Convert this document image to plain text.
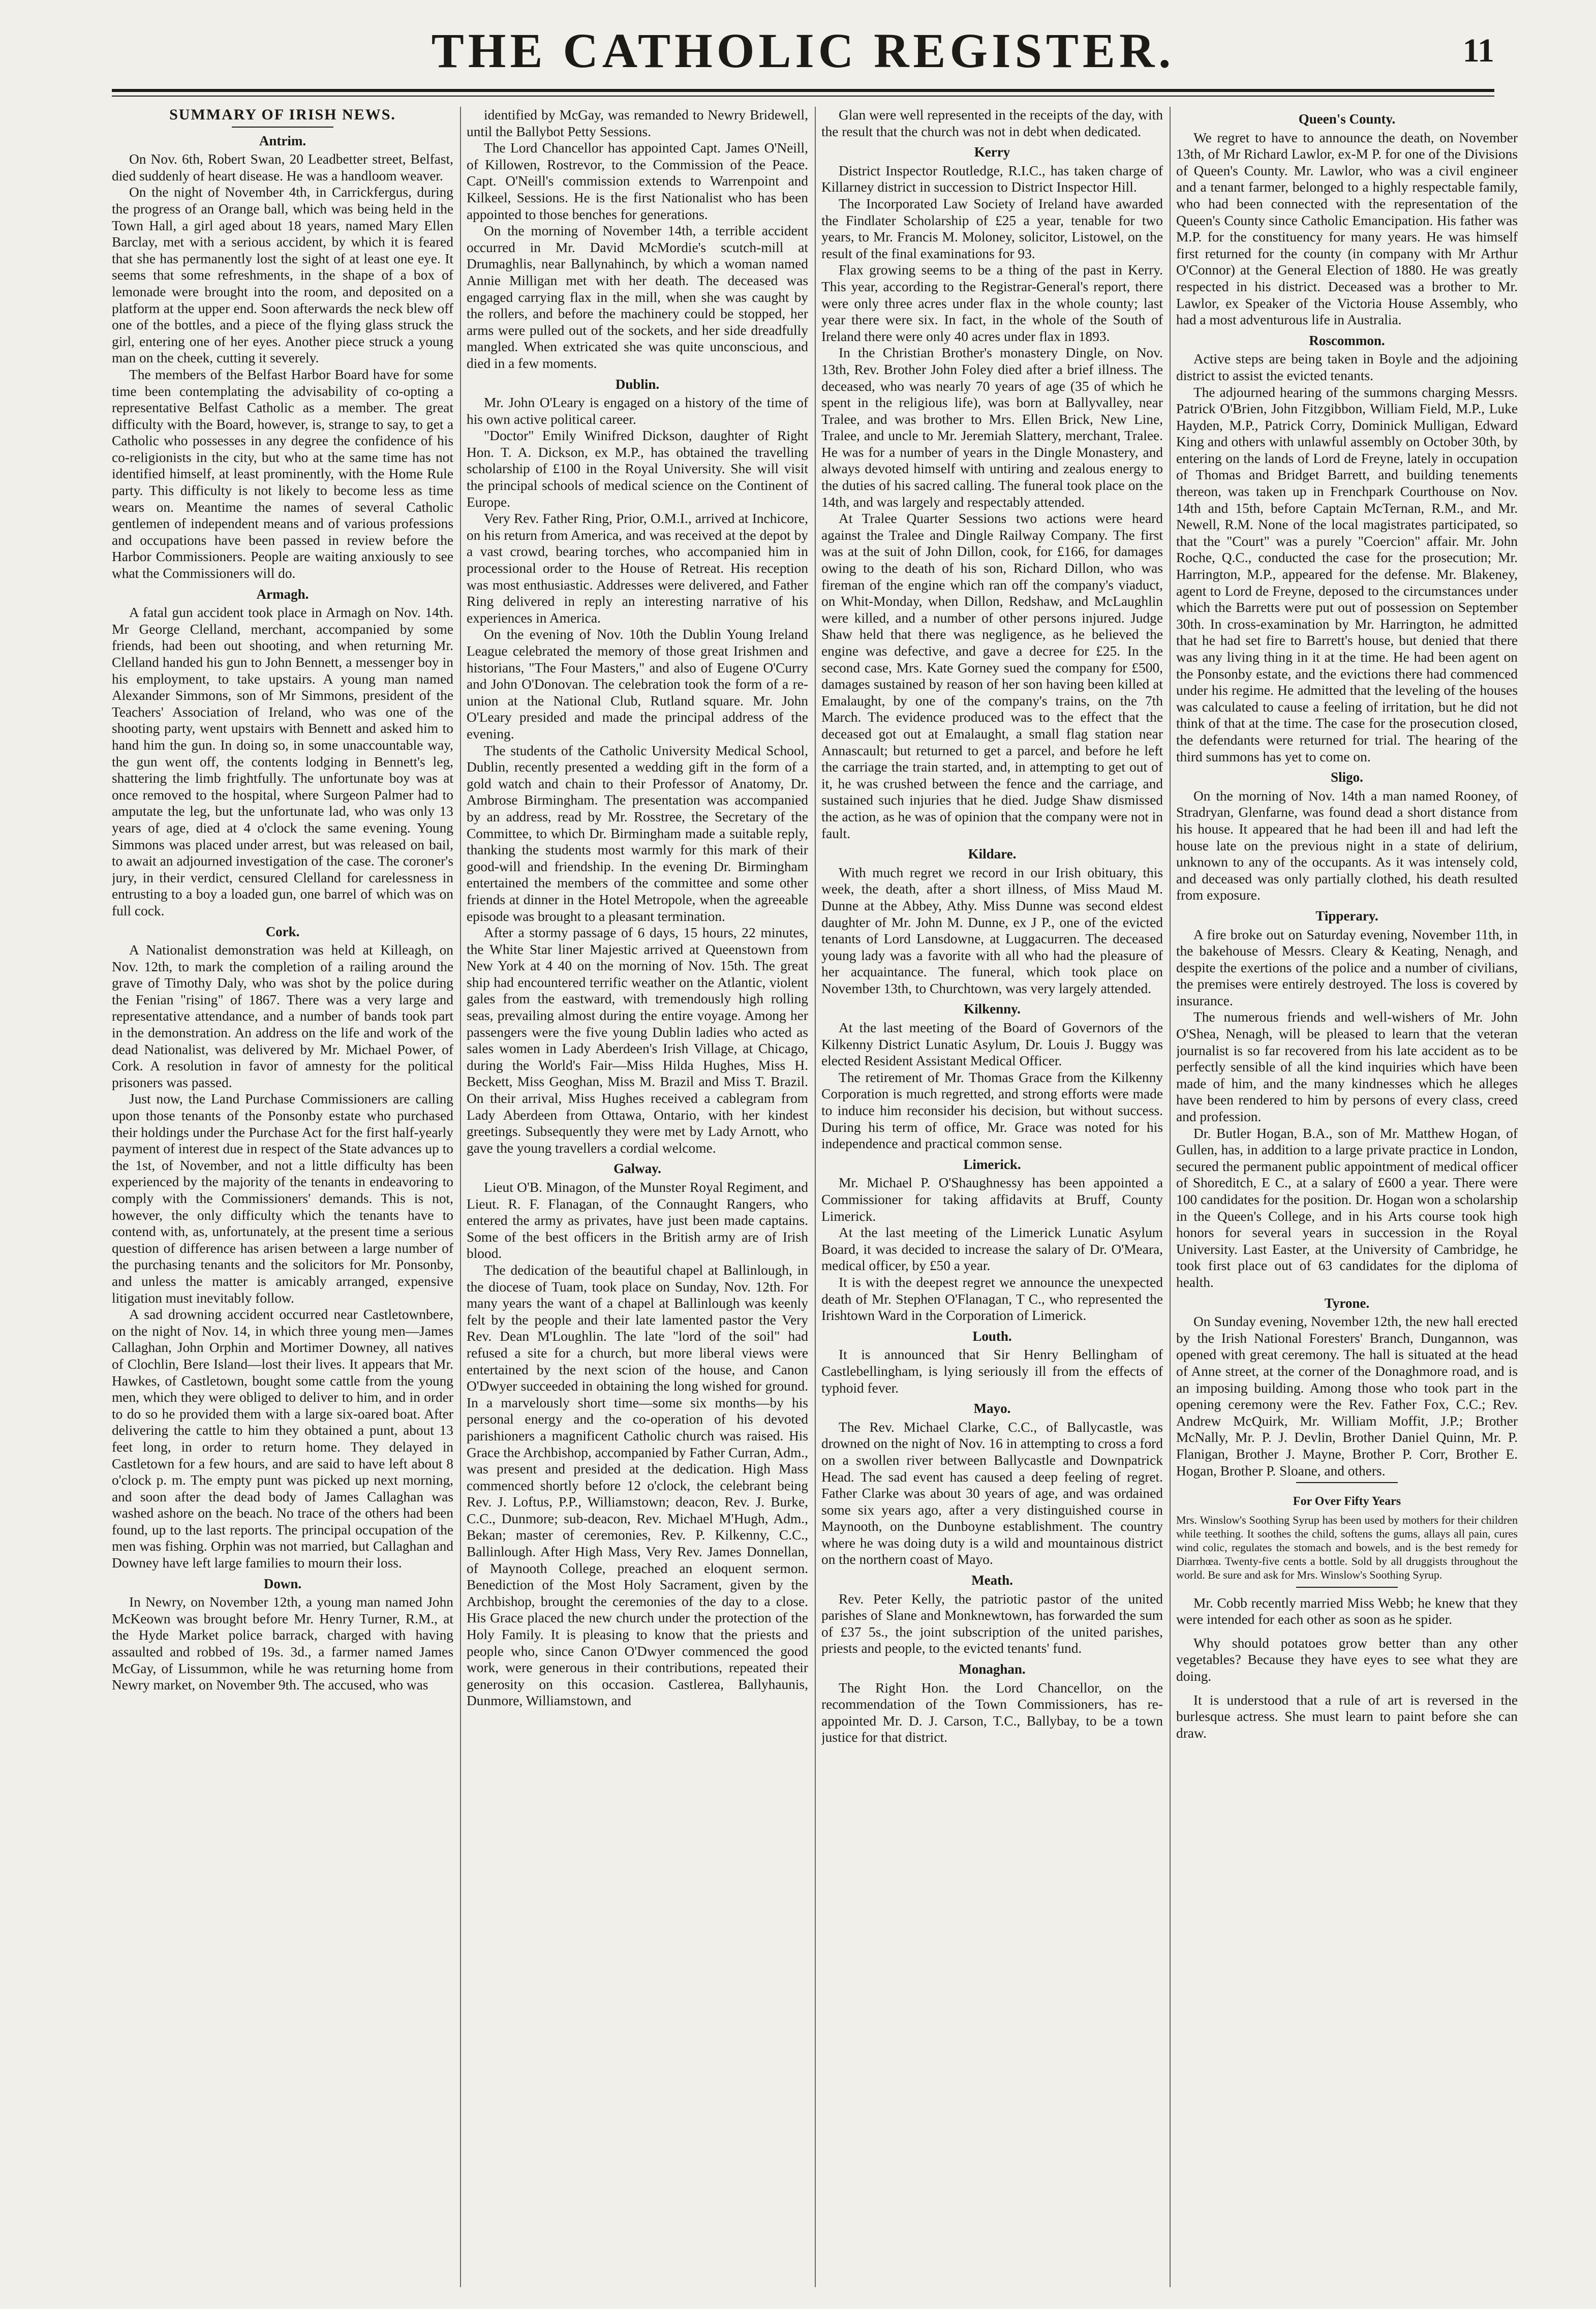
THE CATHOLIC REGISTER.	11
SUMMARY OF IRISH NEWS.
Antrim.

On Nov. 6th, Robert Swan, 20 Leadbetter street, Belfast, died suddenly of heart disease. He was a handloom weaver.

On the night of November 4th, in Carrickfergus, during the progress of an Orange ball, which was being held in the Town Hall, a girl aged about 18 years, named Mary Ellen Barclay, met with a serious accident, by which it is feared that she has permanently lost the sight of at least one eye. It seems that some refreshments, in the shape of a box of lemonade were brought into the room, and deposited on a platform at the upper end. Soon afterwards the neck blew off one of the bottles, and a piece of the flying glass struck the girl, entering one of her eyes. Another piece struck a young man on the cheek, cutting it severely.

The members of the Belfast Harbor Board have for some time been contemplating the advisability of co-opting a representative Belfast Catholic as a member. The great difficulty with the Board, however, is, strange to say, to get a Catholic who possesses in any degree the confidence of his co-religionists in the city, but who at the same time has not identified himself, at least prominently, with the Home Rule party. This difficulty is not likely to become less as time wears on. Meantime the names of several Catholic gentlemen of independent means and of various professions and occupations have been passed in review before the Harbor Commissioners. People are waiting anxiously to see what the Commissioners will do.

Armagh.

A fatal gun accident took place in Armagh on Nov. 14th. Mr George Clelland, merchant, accompanied by some friends, had been out shooting, and when returning Mr. Clelland handed his gun to John Bennett, a messenger boy in his employment, to take upstairs. A young man named Alexander Simmons, son of Mr Simmons, president of the Teachers' Association of Ireland, who was one of the shooting party, went upstairs with Bennett and asked him to hand him the gun. In doing so, in some unaccountable way, the gun went off, the contents lodging in Bennett's leg, shattering the limb frightfully. The unfortunate boy was at once removed to the hospital, where Surgeon Palmer had to amputate the leg, but the unfortunate lad, who was only 13 years of age, died at 4 o'clock the same evening. Young Simmons was placed under arrest, but was released on bail, to await an adjourned investigation of the case. The coroner's jury, in their verdict, censured Clelland for carelessness in entrusting to a boy a loaded gun, one barrel of which was on full cock.

Cork.

A Nationalist demonstration was held at Killeagh, on Nov. 12th, to mark the completion of a railing around the grave of Timothy Daly, who was shot by the police during the Fenian "rising" of 1867. There was a very large and representative attendance, and a number of bands took part in the demonstration. An address on the life and work of the dead Nationalist, was delivered by Mr. Michael Power, of Cork. A resolution in favor of amnesty for the political prisoners was passed.

Just now, the Land Purchase Commissioners are calling upon those tenants of the Ponsonby estate who purchased their holdings under the Purchase Act for the first half-yearly payment of interest due in respect of the State advances up to the 1st, of November, and not a little difficulty has been experienced by the majority of the tenants in endeavoring to comply with the Commissioners' demands. This is not, however, the only difficulty which the tenants have to contend with, as, unfortunately, at the present time a serious question of difference has arisen between a large number of the purchasing tenants and the solicitors for Mr. Ponsonby, and unless the matter is amicably arranged, expensive litigation must inevitably follow.

A sad drowning accident occurred near Castletownbere, on the night of Nov. 14, in which three young men—James Callaghan, John Orphin and Mortimer Downey, all natives of Clochlin, Bere Island—lost their lives. It appears that Mr. Hawkes, of Castletown, bought some cattle from the young men, which they were obliged to deliver to him, and in order to do so he provided them with a large six-oared boat. After delivering the cattle to him they obtained a punt, about 13 feet long, in order to return home. They delayed in Castletown for a few hours, and are said to have left about 8 o'clock p. m. The empty punt was picked up next morning, and soon after the dead body of James Callaghan was washed ashore on the beach. No trace of the others had been found, up to the last reports. The principal occupation of the men was fishing. Orphin was not married, but Callaghan and Downey have left large families to mourn their loss.

Down.

In Newry, on November 12th, a young man named John McKeown was brought before Mr. Henry Turner, R.M., at the Hyde Market police barrack, charged with having assaulted and robbed of 19s. 3d., a farmer named James McGay, of Lissummon, while he was returning home from Newry market, on November 9th. The accused, who was

identified by McGay, was remanded to Newry Bridewell, until the Ballybot Petty Sessions.

The Lord Chancellor has appointed Capt. James O'Neill, of Killowen, Rostrevor, to the Commission of the Peace. Capt. O'Neill's commission extends to Warrenpoint and Kilkeel, Sessions. He is the first Nationalist who has been appointed to those benches for generations.

On the morning of November 14th, a terrible accident occurred in Mr. David McMordie's scutch-mill at Drumaghlis, near Ballynahinch, by which a woman named Annie Milligan met with her death. The deceased was engaged carrying flax in the mill, when she was caught by the rollers, and before the machinery could be stopped, her arms were pulled out of the sockets, and her side dreadfully mangled. When extricated she was quite unconscious, and died in a few moments.

Dublin.

Mr. John O'Leary is engaged on a history of the time of his own active political career.

"Doctor" Emily Winifred Dickson, daughter of Right Hon. T. A. Dickson, ex M.P., has obtained the travelling scholarship of £100 in the Royal University. She will visit the principal schools of medical science on the Continent of Europe.

Very Rev. Father Ring, Prior, O.M.I., arrived at Inchicore, on his return from America, and was received at the depot by a vast crowd, bearing torches, who accompanied him in processional order to the House of Retreat. His reception was most enthusiastic. Addresses were delivered, and Father Ring delivered in reply an interesting narrative of his experiences in America.

On the evening of Nov. 10th the Dublin Young Ireland League celebrated the memory of those great Irishmen and historians, "The Four Masters," and also of Eugene O'Curry and John O'Donovan. The celebration took the form of a re-union at the National Club, Rutland square. Mr. John O'Leary presided and made the principal address of the evening.

The students of the Catholic University Medical School, Dublin, recently presented a wedding gift in the form of a gold watch and chain to their Professor of Anatomy, Dr. Ambrose Birmingham. The presentation was accompanied by an address, read by Mr. Rosstree, the Secretary of the Committee, to which Dr. Birmingham made a suitable reply, thanking the students most warmly for this mark of their good-will and friendship. In the evening Dr. Birmingham entertained the members of the committee and some other friends at dinner in the Hotel Metropole, when the agreeable episode was brought to a pleasant termination.

After a stormy passage of 6 days, 15 hours, 22 minutes, the White Star liner Majestic arrived at Queenstown from New York at 4 40 on the morning of Nov. 15th. The great ship had encountered terrific weather on the Atlantic, violent gales from the eastward, with tremendously high rolling seas, prevailing almost during the entire voyage. Among her passengers were the five young Dublin ladies who acted as sales women in Lady Aberdeen's Irish Village, at Chicago, during the World's Fair—Miss Hilda Hughes, Miss H. Beckett, Miss Geoghan, Miss M. Brazil and Miss T. Brazil. On their arrival, Miss Hughes received a cablegram from Lady Aberdeen from Ottawa, Ontario, with her kindest greetings. Subsequently they were met by Lady Arnott, who gave the young travellers a cordial welcome.

Galway.

Lieut O'B. Minagon, of the Munster Royal Regiment, and Lieut. R. F. Flanagan, of the Connaught Rangers, who entered the army as privates, have just been made captains. Some of the best officers in the British army are of Irish blood.

The dedication of the beautiful chapel at Ballinlough, in the diocese of Tuam, took place on Sunday, Nov. 12th. For many years the want of a chapel at Ballinlough was keenly felt by the people and their late lamented pastor the Very Rev. Dean M'Loughlin. The late "lord of the soil" had refused a site for a church, but more liberal views were entertained by the next scion of the house, and Canon O'Dwyer succeeded in obtaining the long wished for ground. In a marvelously short time—some six months—by his personal energy and the co-operation of his devoted parishioners a magnificent Catholic church was raised. His Grace the Archbishop, accompanied by Father Curran, Adm., was present and presided at the dedication. High Mass commenced shortly before 12 o'clock, the celebrant being Rev. J. Loftus, P.P., Williamstown; deacon, Rev. J. Burke, C.C., Dunmore; sub-deacon, Rev. Michael M'Hugh, Adm., Bekan; master of ceremonies, Rev. P. Kilkenny, C.C., Ballinlough. After High Mass, Very Rev. James Donnellan, of Maynooth College, preached an eloquent sermon. Benediction of the Most Holy Sacrament, given by the Archbishop, brought the ceremonies of the day to a close. His Grace placed the new church under the protection of the Holy Family. It is pleasing to know that the priests and people who, since Canon O'Dwyer commenced the good work, were generous in their contributions, repeated their generosity on this occasion. Castlerea, Ballyhaunis, Dunmore, Williamstown, and

Glan were well represented in the receipts of the day, with the result that the church was not in debt when dedicated.

Kerry

District Inspector Routledge, R.I.C., has taken charge of Killarney district in succession to District Inspector Hill.

The Incorporated Law Society of Ireland have awarded the Findlater Scholarship of £25 a year, tenable for two years, to Mr. Francis M. Moloney, solicitor, Listowel, on the result of the final examinations for 93.

Flax growing seems to be a thing of the past in Kerry. This year, according to the Registrar-General's report, there were only three acres under flax in the whole county; last year there were six. In fact, in the whole of the South of Ireland there were only 40 acres under flax in 1893.

In the Christian Brother's monastery Dingle, on Nov. 13th, Rev. Brother John Foley died after a brief illness. The deceased, who was nearly 70 years of age (35 of which he spent in the religious life), was born at Ballyvalley, near Tralee, and was brother to Mrs. Ellen Brick, New Line, Tralee, and uncle to Mr. Jeremiah Slattery, merchant, Tralee. He was for a number of years in the Dingle Monastery, and always devoted himself with untiring and zealous energy to the duties of his sacred calling. The funeral took place on the 14th, and was largely and respectably attended.

At Tralee Quarter Sessions two actions were heard against the Tralee and Dingle Railway Company. The first was at the suit of John Dillon, cook, for £166, for damages owing to the death of his son, Richard Dillon, who was fireman of the engine which ran off the company's viaduct, on Whit-Monday, when Dillon, Redshaw, and McLaughlin were killed, and a number of other persons injured. Judge Shaw held that there was negligence, as he believed the engine was defective, and gave a decree for £25. In the second case, Mrs. Kate Gorney sued the company for £500, damages sustained by reason of her son having been killed at Emalaught, by one of the company's trains, on the 7th March. The evidence produced was to the effect that the deceased got out at Emalaught, a small flag station near Annascault; but returned to get a parcel, and before he left the carriage the train started, and, in attempting to get out of it, he was crushed between the fence and the carriage, and sustained such injuries that he died. Judge Shaw dismissed the action, as he was of opinion that the company were not in fault.

Kildare.

With much regret we record in our Irish obituary, this week, the death, after a short illness, of Miss Maud M. Dunne at the Abbey, Athy. Miss Dunne was second eldest daughter of Mr. John M. Dunne, ex J P., one of the evicted tenants of Lord Lansdowne, at Luggacurren. The deceased young lady was a favorite with all who had the pleasure of her acquaintance. The funeral, which took place on November 13th, to Churchtown, was very largely attended.

Kilkenny.

At the last meeting of the Board of Governors of the Kilkenny District Lunatic Asylum, Dr. Louis J. Buggy was elected Resident Assistant Medical Officer.

The retirement of Mr. Thomas Grace from the Kilkenny Corporation is much regretted, and strong efforts were made to induce him reconsider his decision, but without success. During his term of office, Mr. Grace was noted for his independence and practical common sense.

Limerick.

Mr. Michael P. O'Shaughnessy has been appointed a Commissioner for taking affidavits at Bruff, County Limerick.

At the last meeting of the Limerick Lunatic Asylum Board, it was decided to increase the salary of Dr. O'Meara, medical officer, by £50 a year.

It is with the deepest regret we announce the unexpected death of Mr. Stephen O'Flanagan, T C., who represented the Irishtown Ward in the Corporation of Limerick.

Louth.

It is announced that Sir Henry Bellingham of Castlebellingham, is lying seriously ill from the effects of typhoid fever.

Mayo.

The Rev. Michael Clarke, C.C., of Ballycastle, was drowned on the night of Nov. 16 in attempting to cross a ford on a swollen river between Ballycastle and Downpatrick Head. The sad event has caused a deep feeling of regret. Father Clarke was about 30 years of age, and was ordained some six years ago, after a very distinguished course in Maynooth, on the Dunboyne establishment. The country where he was doing duty is a wild and mountainous district on the northern coast of Mayo.

Meath.

Rev. Peter Kelly, the patriotic pastor of the united parishes of Slane and Monknewtown, has forwarded the sum of £37 5s., the joint subscription of the united parishes, priests and people, to the evicted tenants' fund.

Monaghan.

The Right Hon. the Lord Chancellor, on the recommendation of the Town Commissioners, has re-appointed Mr. D. J. Carson, T.C., Ballybay, to be a town justice for that district.

Queen's County.

We regret to have to announce the death, on November 13th, of Mr Richard Lawlor, ex-M P. for one of the Divisions of Queen's County. Mr. Lawlor, who was a civil engineer and a tenant farmer, belonged to a highly respectable family, who had been connected with the representation of the Queen's County since Catholic Emancipation. His father was M.P. for the constituency for many years. He was himself first returned for the county (in company with Mr Arthur O'Connor) at the General Election of 1880. He was greatly respected in his district. Deceased was a brother to Mr. Lawlor, ex Speaker of the Victoria House Assembly, who had a most adventurous life in Australia.

Roscommon.

Active steps are being taken in Boyle and the adjoining district to assist the evicted tenants.

The adjourned hearing of the summons charging Messrs. Patrick O'Brien, John Fitzgibbon, William Field, M.P., Luke Hayden, M.P., Patrick Corry, Dominick Mulligan, Edward King and others with unlawful assembly on October 30th, by entering on the lands of Lord de Freyne, lately in occupation of Thomas and Bridget Barrett, and building tenements thereon, was taken up in Frenchpark Courthouse on Nov. 14th and 15th, before Captain McTernan, R.M., and Mr. Newell, R.M. None of the local magistrates participated, so that the "Court" was a purely "Coercion" affair. Mr. John Roche, Q.C., conducted the case for the prosecution; Mr. Harrington, M.P., appeared for the defense. Mr. Blakeney, agent to Lord de Freyne, deposed to the circumstances under which the Barretts were put out of possession on September 30th. In cross-examination by Mr. Harrington, he admitted that he had set fire to Barrett's house, but denied that there was any living thing in it at the time. He had been agent on the Ponsonby estate, and the evictions there had commenced under his regime. He admitted that the leveling of the houses was calculated to cause a feeling of irritation, but he did not think of that at the time. The case for the prosecution closed, the defendants were returned for trial. The hearing of the third summons has yet to come on.

Sligo.

On the morning of Nov. 14th a man named Rooney, of Stradryan, Glenfarne, was found dead a short distance from his house. It appeared that he had been ill and had left the house late on the previous night in a state of delirium, unknown to any of the occupants. As it was intensely cold, and deceased was only partially clothed, his death resulted from exposure.

Tipperary.

A fire broke out on Saturday evening, November 11th, in the bakehouse of Messrs. Cleary & Keating, Nenagh, and despite the exertions of the police and a number of civilians, the premises were entirely destroyed. The loss is covered by insurance.

The numerous friends and well-wishers of Mr. John O'Shea, Nenagh, will be pleased to learn that the veteran journalist is so far recovered from his late accident as to be perfectly sensible of all the kind inquiries which have been made of him, and the many kindnesses which he alleges have been rendered to him by persons of every class, creed and profession.

Dr. Butler Hogan, B.A., son of Mr. Matthew Hogan, of Gullen, has, in addition to a large private practice in London, secured the permanent public appointment of medical officer of Shoreditch, E C., at a salary of £600 a year. There were 100 candidates for the position. Dr. Hogan won a scholarship in the Queen's College, and in his Arts course took high honors for several years in succession in the Royal University. Last Easter, at the University of Cambridge, he took first place out of 63 candidates for the diploma of health.

Tyrone.

On Sunday evening, November 12th, the new hall erected by the Irish National Foresters' Branch, Dungannon, was opened with great ceremony. The hall is situated at the head of Anne street, at the corner of the Donaghmore road, and is an imposing building. Among those who took part in the opening ceremony were the Rev. Father Fox, C.C.; Rev. Andrew McQuirk, Mr. William Moffit, J.P.; Brother McNally, Mr. P. J. Devlin, Brother Daniel Quinn, Mr. P. Flanigan, Brother J. Mayne, Brother P. Corr, Brother E. Hogan, Brother P. Sloane, and others.

For Over Fifty Years
Mrs. Winslow's Soothing Syrup has been used by mothers for their children while teething. It soothes the child, softens the gums, allays all pain, cures wind colic, regulates the stomach and bowels, and is the best remedy for Diarrhœa. Twenty-five cents a bottle. Sold by all druggists throughout the world. Be sure and ask for Mrs. Winslow's Soothing Syrup.

Mr. Cobb recently married Miss Webb; he knew that they were intended for each other as soon as he spider.

Why should potatoes grow better than any other vegetables? Because they have eyes to see what they are doing.

It is understood that a rule of art is reversed in the burlesque actress. She must learn to paint before she can draw.
